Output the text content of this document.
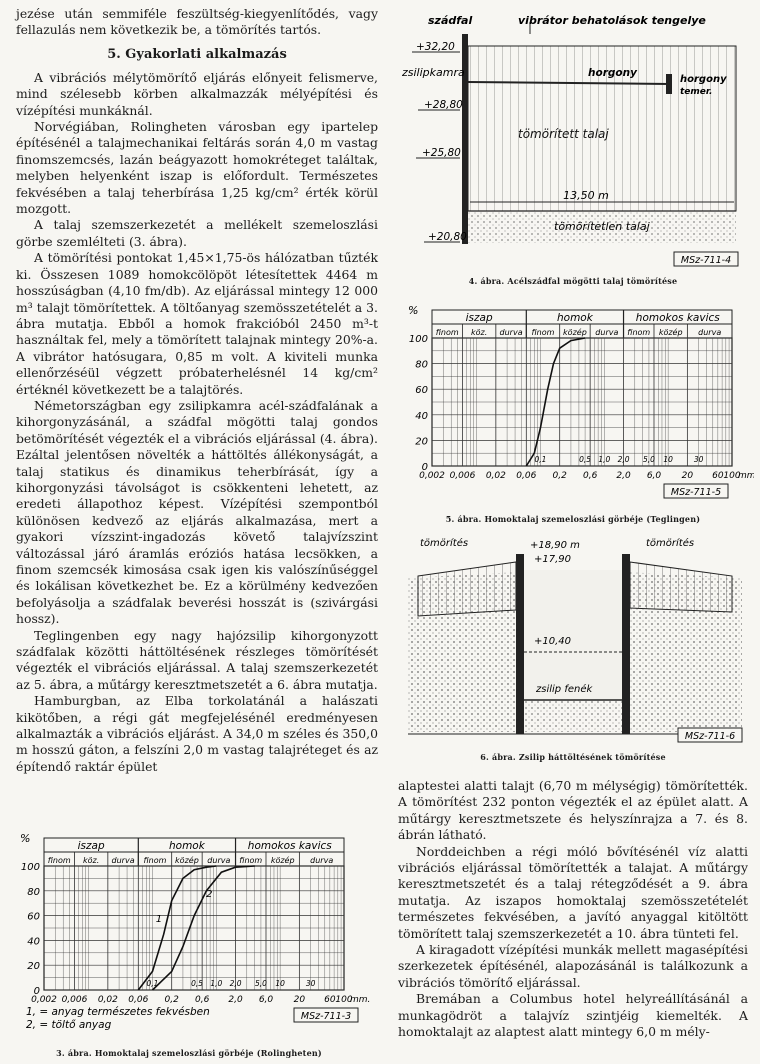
jezése után semmiféle feszültség-kiegyenlítődés, vagy fellazulás nem következik be, a tömörítés tartós.

5. Gyakorlati alkalmazás

A vibrációs mélytömörítő eljárás előnyeit felismerve, mind szélesebb körben alkalmazzák mélyépítési és vízépítési munkáknál.

Norvégiában, Rolingheten városban egy iparteleр építésénél a talajmechanikai feltárás során 4,0 m vastag finomszemcsés, lazán beágyazott homokréteget találtak, melyben helyenként iszap is előfordult. Természetes fekvésében a talaj teherbírása 1,25 kg/cm² érték körül mozgott.

A talaj szemszerkezetét a mellékelt szemeloszlási görbe szemlélteti (3. ábra).

A tömörítési pontokat 1,45×1,75-ös hálózatban tűzték ki. Összesen 1089 homokcölöpöt létesítettek 4464 m hosszúságban (4,10 fm/db). Az eljárással mintegy 12 000 m³ talajt tömörítettek. A töltőanyag szemösszetételét a 3. ábra mutatja. Ebből a homok frakcióból 2450 m³-t használtak fel, mely a tömörített talajnak mintegy 20%-a. A vibrátor hatósugara, 0,85 m volt. A kiviteli munka ellenőrzéséül végzett próbaterhelésnél 14 kg/cm² értéknél következett be a talajtörés.

Németországban egy zsilipkamra acél-szádfalának a kihorgonyzásánál, a szádfal mögötti talaj gondos betömörítését végezték el a vibrációs eljárással (4. ábra). Ezáltal jelentősen növelték a háttöltés állékonyságát, a talaj statikus és dinamikus teherbírását, így a kihorgonyzási távolságot is csökkenteni lehetett, az eredeti állapothoz képest. Vízépítési szempontból különösen kedvező az eljárás alkalmazása, mert a gyakori vízszint-ingadozás követő talajvízszint változással járó áramlás eróziós hatása lecsökken, a finom szemcsék kimosása csak igen kis valószínűséggel és lokálisan következhet be. Ez a körülmény kedvezően befolyásolja a szádfalak beverési hosszát is (szivárgási hossz).

Teglingenben egy nagy hajózsilip kihorgonyzott szádfalak közötti háttöltésének részleges tömörítését végezték el vibrációs eljárással. A talaj szemszerkezetét az 5. ábra, a műtárgy keresztmetszetét a 6. ábra mutatja.

Hamburgban, az Elba torkolatánál a halászati kikötőben, a régi gát megfejelésénél eredményesen alkalmazták a vibrációs eljárást. A 34,0 m széles és 350,0 m hosszú gáton, a felszíni 2,0 m vastag talajréteget és az építendő raktár épület

iszap	homok	homokos kavics
finom köz. durva finom közép durva finom közép durva
100
80
60
40
20
0
%
0,1	0,5 1,0 2,0 5,0 10	30
0,002 0,006 0,02 0,06 0,2 0,6 2,0 6,0 20 60 100
mm.
1
2
1, = anyag természetes fekvésben
2, = töltő anyag
MSz-711-3
3. ábra. Homoktalaj szemeloszlási görbéje (Rolingheten)
+32,20
+28,80
+25,80
+20,80
szádfal	vibrátor behatolások tengelye
zsilipkamra	horgony
horgony
temer.
tömörített talaj
13,50 m
tömörítetlen talaj
MSz-711-4
4. ábra. Acélszádfal mögötti talaj tömörítése
iszap	homok	homokos kavics
finom köz. durva finom közép durva finom közép durva
100
80
60
40
20
0
%
0,1	0,5 1,0 2,0 5,0 10	30
0,002 0,006 0,02 0,06 0,2 0,6 2,0 6,0 20 60 100
mm
MSz-711-5
5. ábra. Homoktalaj szemeloszlási görbéje (Teglingen)
tömörítés	tömörítés
+18,90 m
+17,90
+10,40
zsilip fenék
MSz-711-6
6. ábra. Zsilip háttöltésének tömörítése

alaptestei alatti talajt (6,70 m mélységig) tömörítették. A tömörítést 232 ponton végezték el az épület alatt. A műtárgy keresztmetszete és helyszínrajza a 7. és 8. ábrán látható.

Norddeichben a régi móló bővítésénél víz alatti vibrációs eljárással tömörítették a talajat. A műtárgy keresztmetszetét és a talaj rétegződését a 9. ábra mutatja. Az iszapos homoktalaj szemösszetételét természetes fekvésében, a javító anyaggal kitöltött tömörített talaj szemszerkezetét a 10. ábra tünteti fel.

A kiragadott vízépítési munkák mellett magasépítési szerkezetek építésénél, alapozásánál is találkozunk a vibrációs tömörítő eljárással.

Bremában a Columbus hotel helyreállításánál a munkagödröt a talajvíz szintjéig kiemelték. A homoktalajt az alaptest alatt mintegy 6,0 m mély-
